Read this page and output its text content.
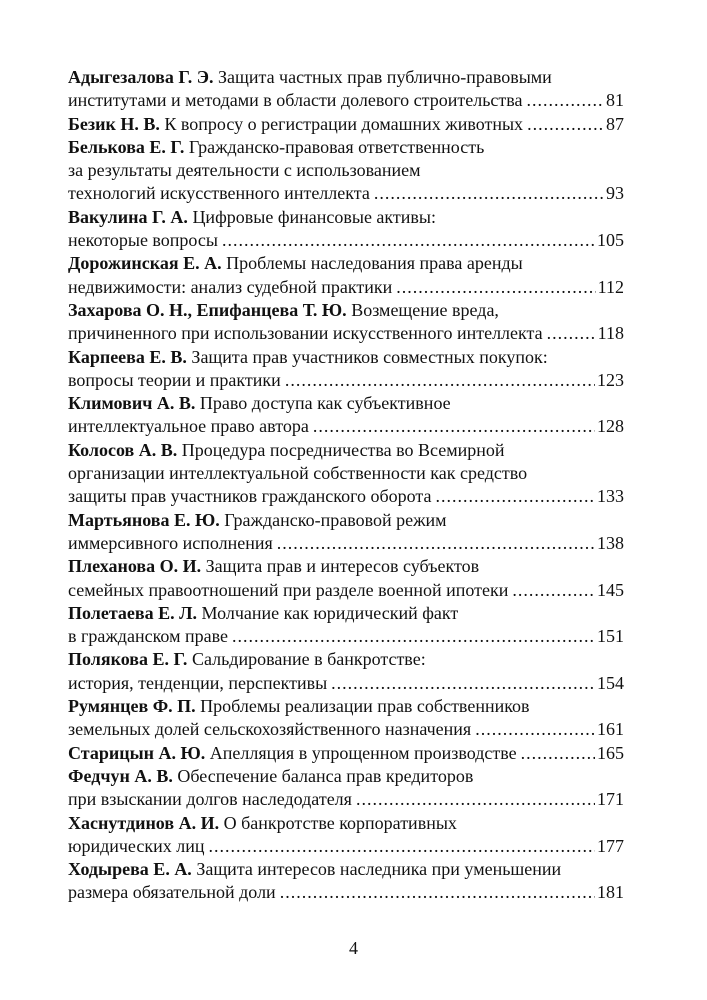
Адыгезалова Г. Э. Защита частных прав публично-правовыми
институтами и методами в области долевого строительства .....	81
Безик Н. В. К вопросу о регистрации домашних животных .....	87
Белькова Е. Г. Гражданско-правовая ответственность
за результаты деятельности с использованием
технологий искусственного интеллекта .....	93
Вакулина Г. А. Цифровые финансовые активы:
некоторые вопросы .....	105
Дорожинская Е. А. Проблемы наследования права аренды
недвижимости: анализ судебной практики .....	112
Захарова О. Н., Епифанцева Т. Ю. Возмещение вреда,
причиненного при использовании искусственного интеллекта .....	118
Карпеева Е. В. Защита прав участников совместных покупок:
вопросы теории и практики .....	123
Климович А. В. Право доступа как субъективное
интеллектуальное право автора .....	128
Колосов А. В. Процедура посредничества во Всемирной
организации интеллектуальной собственности как средство
защиты прав участников гражданского оборота .....	133
Мартьянова Е. Ю. Гражданско-правовой режим
иммерсивного исполнения .....	138
Плеханова О. И. Защита прав и интересов субъектов
семейных правоотношений при разделе военной ипотеки .....	145
Полетаева Е. Л. Молчание как юридический факт
в гражданском праве .....	151
Полякова Е. Г. Сальдирование в банкротстве:
история, тенденции, перспективы .....	154
Румянцев Ф. П. Проблемы реализации прав собственников
земельных долей сельскохозяйственного назначения .....	161
Старицын А. Ю. Апелляция в упрощенном производстве .....	165
Федчун А. В. Обеспечение баланса прав кредиторов
при взыскании долгов наследодателя .....	171
Хаснутдинов А. И. О банкротстве корпоративных
юридических лиц .....	177
Ходырева Е. А. Защита интересов наследника при уменьшении
размера обязательной доли .....	181
4
